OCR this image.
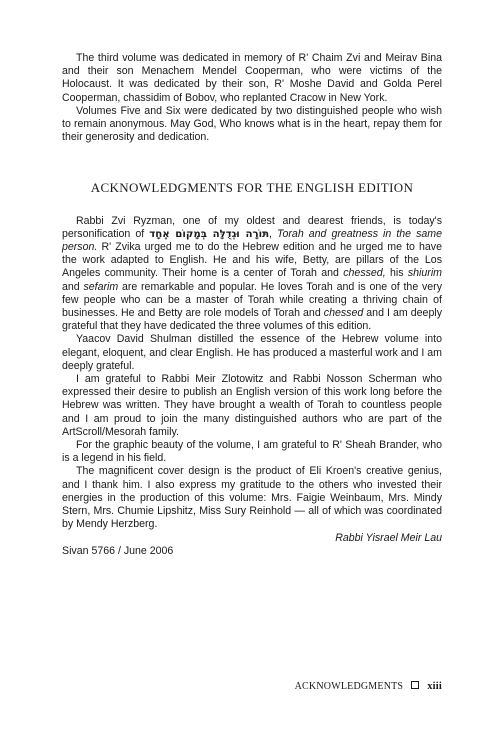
The third volume was dedicated in memory of R' Chaim Zvi and Meirav Bina and their son Menachem Mendel Cooperman, who were victims of the Holocaust. It was dedicated by their son, R' Moshe David and Golda Perel Cooperman, chassidim of Bobov, who replanted Cracow in New York.

Volumes Five and Six were dedicated by two distinguished people who wish to remain anonymous. May God, Who knows what is in the heart, repay them for their generosity and dedication.

ACKNOWLEDGMENTS FOR THE ENGLISH EDITION

Rabbi Zvi Ryzman, one of my oldest and dearest friends, is today's personification of תּוֹרָה וּגְדֻלָּה בְּמָקוֹם אֶחָד, Torah and greatness in the same person. R' Zvika urged me to do the Hebrew edition and he urged me to have the work adapted to English. He and his wife, Betty, are pillars of the Los Angeles community. Their home is a center of Torah and chessed, his shiurim and sefarim are remarkable and popular. He loves Torah and is one of the very few people who can be a master of Torah while creating a thriving chain of businesses. He and Betty are role models of Torah and chessed and I am deeply grateful that they have dedicated the three volumes of this edition.

Yaacov David Shulman distilled the essence of the Hebrew volume into elegant, eloquent, and clear English. He has produced a masterful work and I am deeply grateful.

I am grateful to Rabbi Meir Zlotowitz and Rabbi Nosson Scherman who expressed their desire to publish an English version of this work long before the Hebrew was written. They have brought a wealth of Torah to countless people and I am proud to join the many distinguished authors who are part of the ArtScroll/Mesorah family.

For the graphic beauty of the volume, I am grateful to R' Sheah Brander, who is a legend in his field.

The magnificent cover design is the product of Eli Kroen's creative genius, and I thank him. I also express my gratitude to the others who invested their energies in the production of this volume: Mrs. Faigie Weinbaum, Mrs. Mindy Stern, Mrs. Chumie Lipshitz, Miss Sury Reinhold — all of which was coordinated by Mendy Herzberg.

Rabbi Yisrael Meir Lau

Sivan 5766 / June 2006

ACKNOWLEDGMENTS xiii
